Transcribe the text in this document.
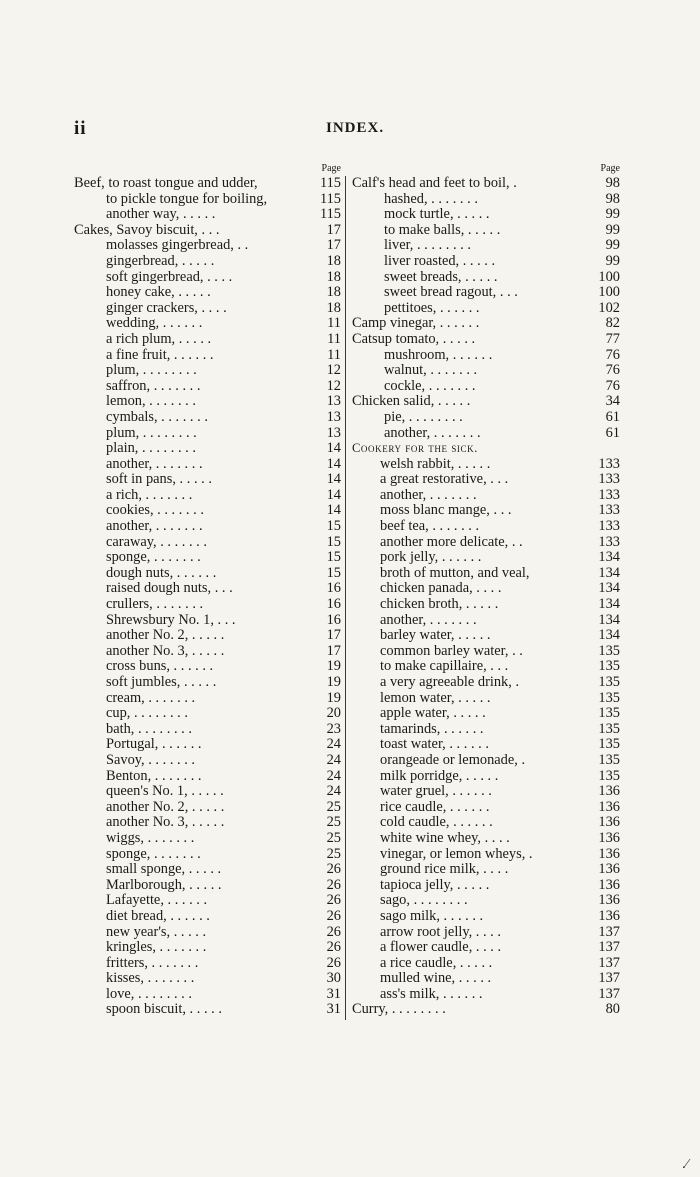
ii	INDEX.
Page
Beef, to roast tongue and udder,	115
to pickle tongue for boiling,	115
another way, . . . . .	115
Cakes, Savoy biscuit, . . .	17
molasses gingerbread, . .	17
gingerbread, . . . . .	18
soft gingerbread, . . . .	18
honey cake, . . . . .	18
ginger crackers, . . . .	18
wedding, . . . . . .	11
a rich plum, . . . . .	11
a fine fruit, . . . . . .	11
plum, . . . . . . . .	12
saffron, . . . . . . .	12
lemon, . . . . . . .	13
cymbals, . . . . . . .	13
plum, . . . . . . . .	13
plain, . . . . . . . .	14
another, . . . . . . .	14
soft in pans, . . . . .	14
a rich, . . . . . . .	14
cookies, . . . . . . .	14
another, . . . . . . .	15
caraway, . . . . . . .	15
sponge, . . . . . . .	15
dough nuts, . . . . . .	15
raised dough nuts, . . .	16
crullers, . . . . . . .	16
Shrewsbury No. 1, . . .	16
another No. 2, . . . . .	17
another No. 3, . . . . .	17
cross buns, . . . . . .	19
soft jumbles, . . . . .	19
cream, . . . . . . .	19
cup, . . . . . . . .	20
bath, . . . . . . . .	23
Portugal, . . . . . .	24
Savoy, . . . . . . .	24
Benton, . . . . . . .	24
queen's No. 1, . . . . .	24
another No. 2, . . . . .	25
another No. 3, . . . . .	25
wiggs, . . . . . . .	25
sponge, . . . . . . .	25
small sponge, . . . . .	26
Marlborough, . . . . .	26
Lafayette, . . . . . .	26
diet bread, . . . . . .	26
new year's, . . . . .	26
kringles, . . . . . . .	26
fritters, . . . . . . .	26
kisses, . . . . . . .	30
love, . . . . . . . .	31
spoon biscuit, . . . . .	31
Page
Calf's head and feet to boil, .	98
hashed, . . . . . . .	98
mock turtle, . . . . .	99
to make balls, . . . . .	99
liver, . . . . . . . .	99
liver roasted, . . . . .	99
sweet breads, . . . . .	100
sweet bread ragout, . . .	100
pettitoes, . . . . . .	102
Camp vinegar, . . . . . .	82
Catsup tomato, . . . . .	77
mushroom, . . . . . .	76
walnut, . . . . . . .	76
cockle, . . . . . . .	76
Chicken salid, . . . . .	34
pie, . . . . . . . .	61
another, . . . . . . .	61
Cookery for the sick.
welsh rabbit, . . . . .	133
a great restorative, . . .	133
another, . . . . . . .	133
moss blanc mange, . . .	133
beef tea, . . . . . . .	133
another more delicate, . .	133
pork jelly, . . . . . .	134
broth of mutton, and veal,	134
chicken panada, . . . .	134
chicken broth, . . . . .	134
another, . . . . . . .	134
barley water, . . . . .	134
common barley water, . .	135
to make capillaire, . . .	135
a very agreeable drink, .	135
lemon water, . . . . .	135
apple water, . . . . .	135
tamarinds, . . . . . .	135
toast water, . . . . . .	135
orangeade or lemonade, .	135
milk porridge, . . . . .	135
water gruel, . . . . . .	136
rice caudle, . . . . . .	136
cold caudle, . . . . . .	136
white wine whey, . . . .	136
vinegar, or lemon wheys, .	136
ground rice milk, . . . .	136
tapioca jelly, . . . . .	136
sago, . . . . . . . .	136
sago milk, . . . . . .	136
arrow root jelly, . . . .	137
a flower caudle, . . . .	137
a rice caudle, . . . . .	137
mulled wine, . . . . .	137
ass's milk, . . . . . .	137
Curry, . . . . . . . .	80
.⁄
